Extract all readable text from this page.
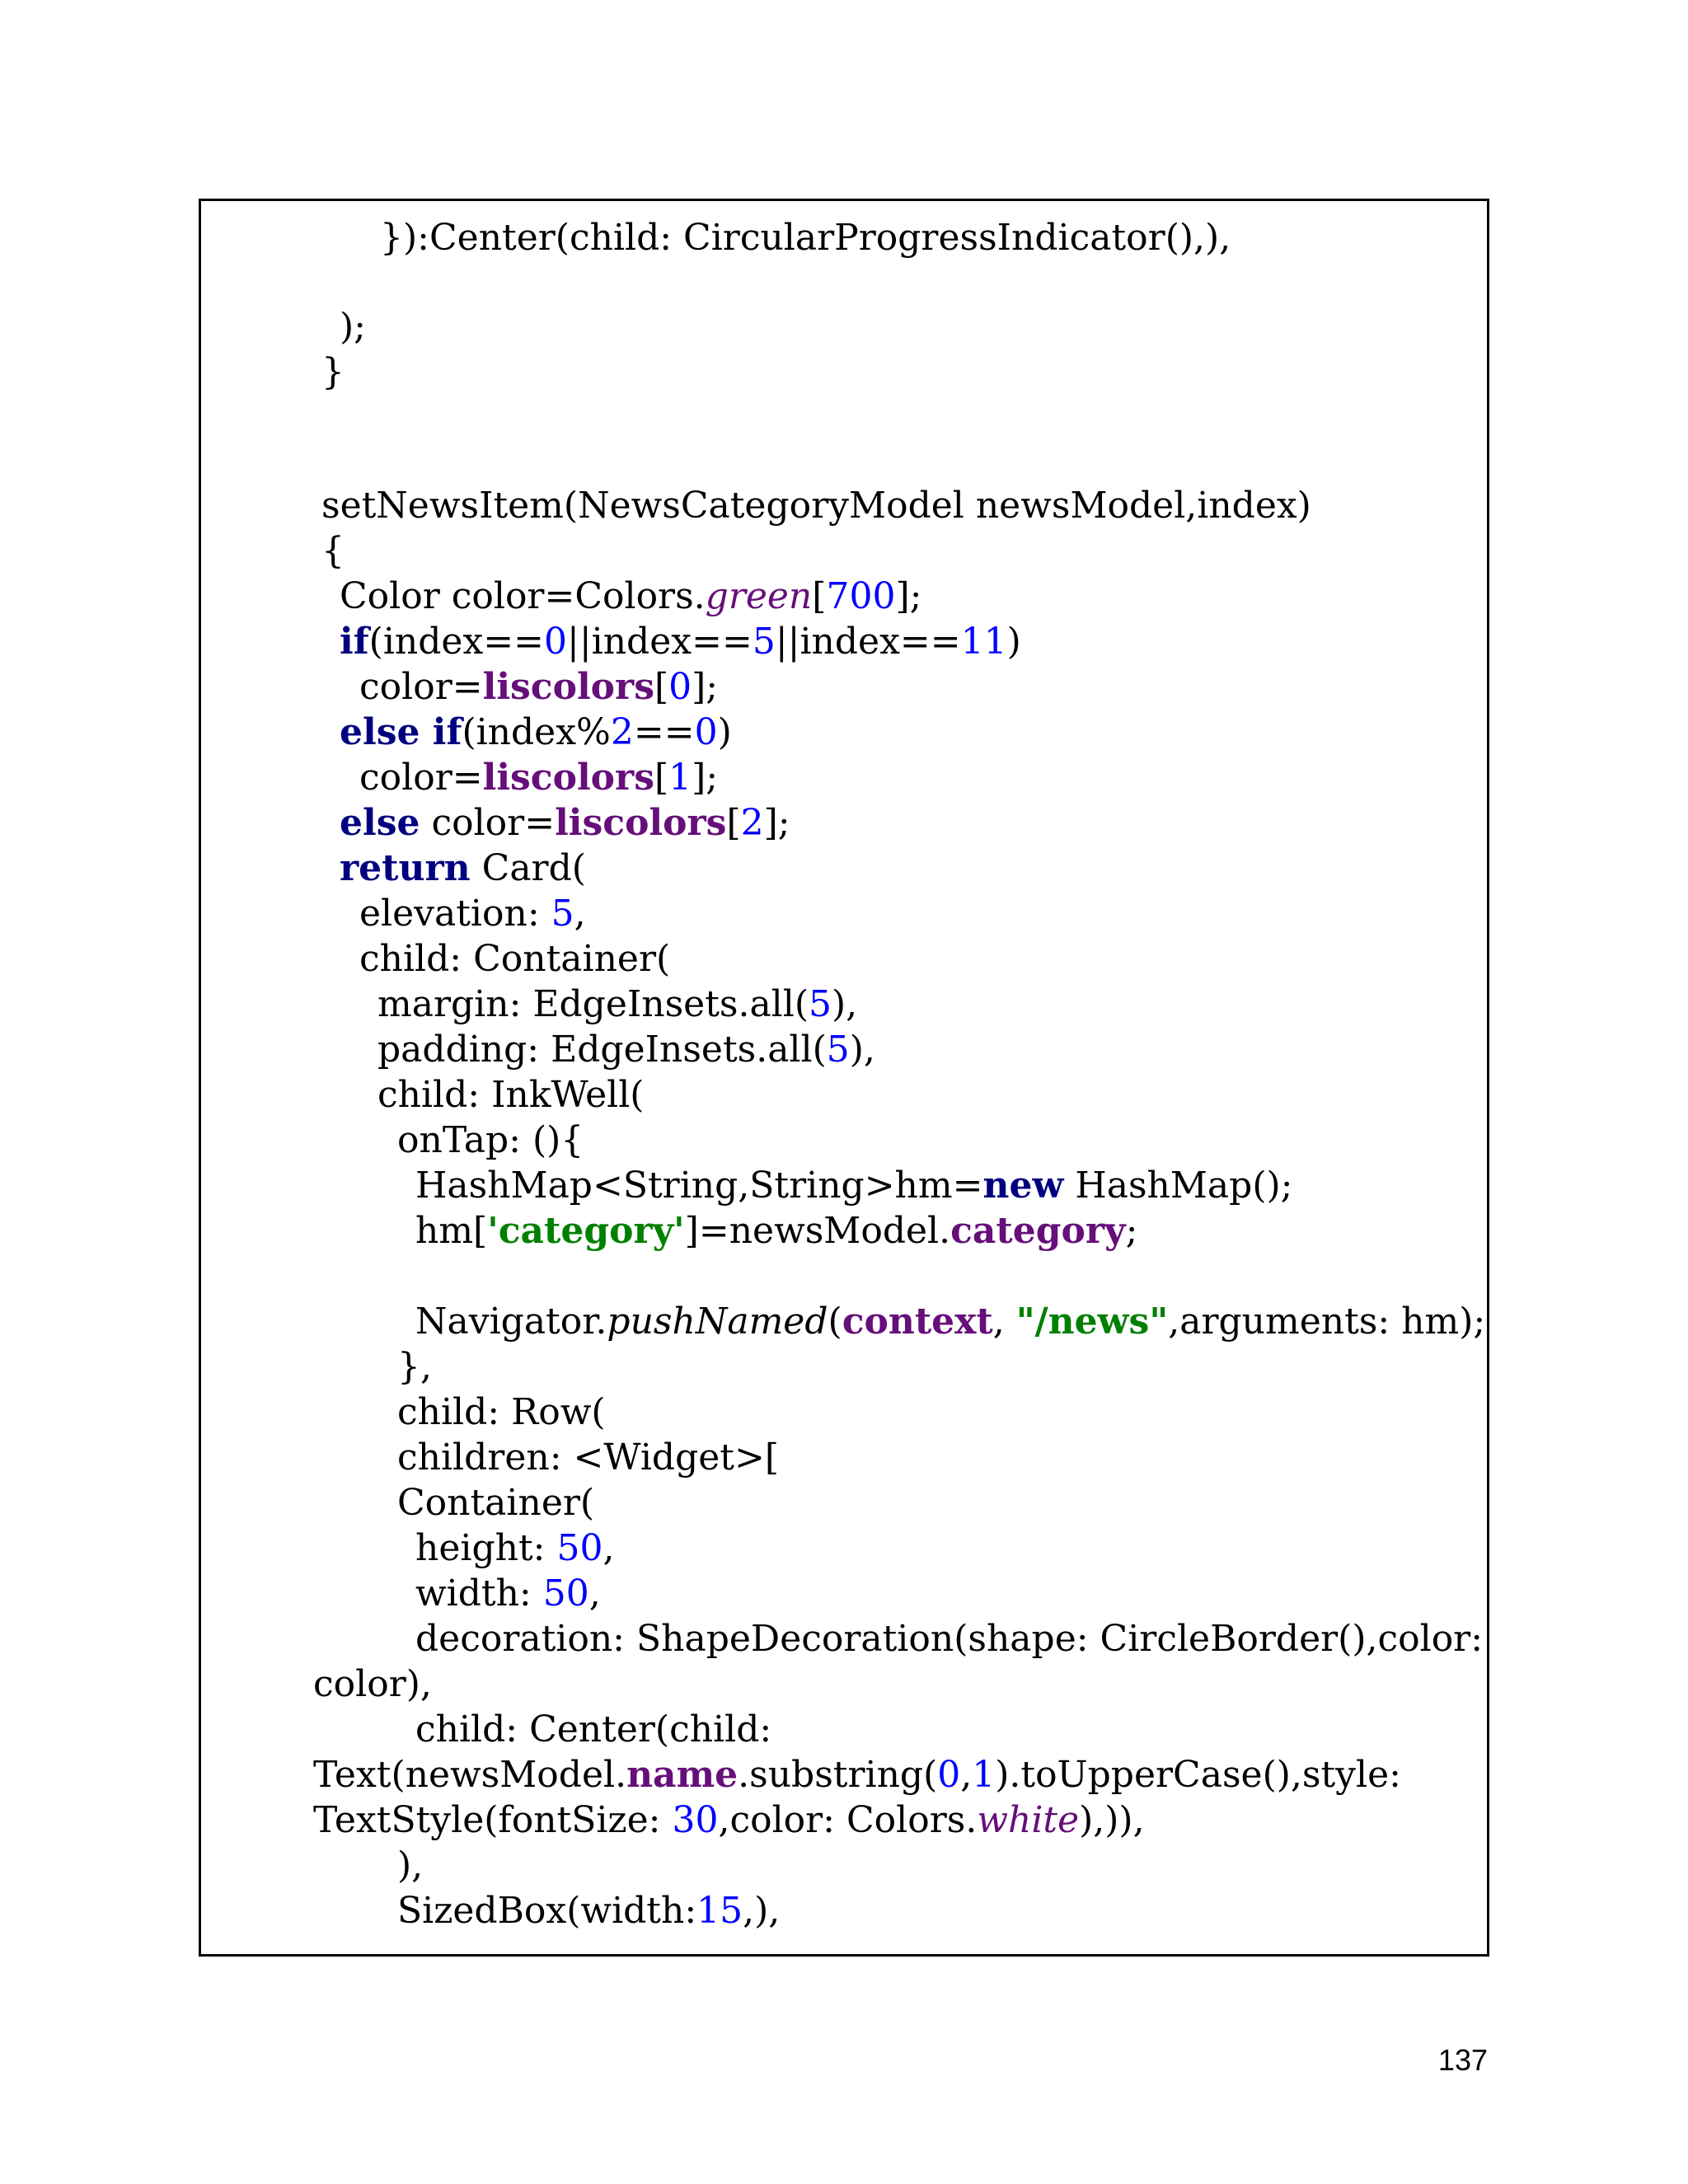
}):Center(child: CircularProgressIndicator(),),
);
}
setNewsItem(NewsCategoryModel newsModel,index)
{
Color color=Colors.green[700];
if(index==0||index==5||index==11)
color=liscolors[0];
else if(index%2==0)
color=liscolors[1];
else color=liscolors[2];
return Card(
elevation: 5,
child: Container(
margin: EdgeInsets.all(5),
padding: EdgeInsets.all(5),
child: InkWell(
onTap: (){
HashMap<String,String>hm=new HashMap();
hm['category']=newsModel.category;
Navigator.pushNamed(context, "/news",arguments: hm);
},
child: Row(
children: <Widget>[
Container(
height: 50,
width: 50,
decoration: ShapeDecoration(shape: CircleBorder(),color:
color),
child: Center(child:
Text(newsModel.name.substring(0,1).toUpperCase(),style:
TextStyle(fontSize: 30,color: Colors.white),)),
),
SizedBox(width:15,),
137
